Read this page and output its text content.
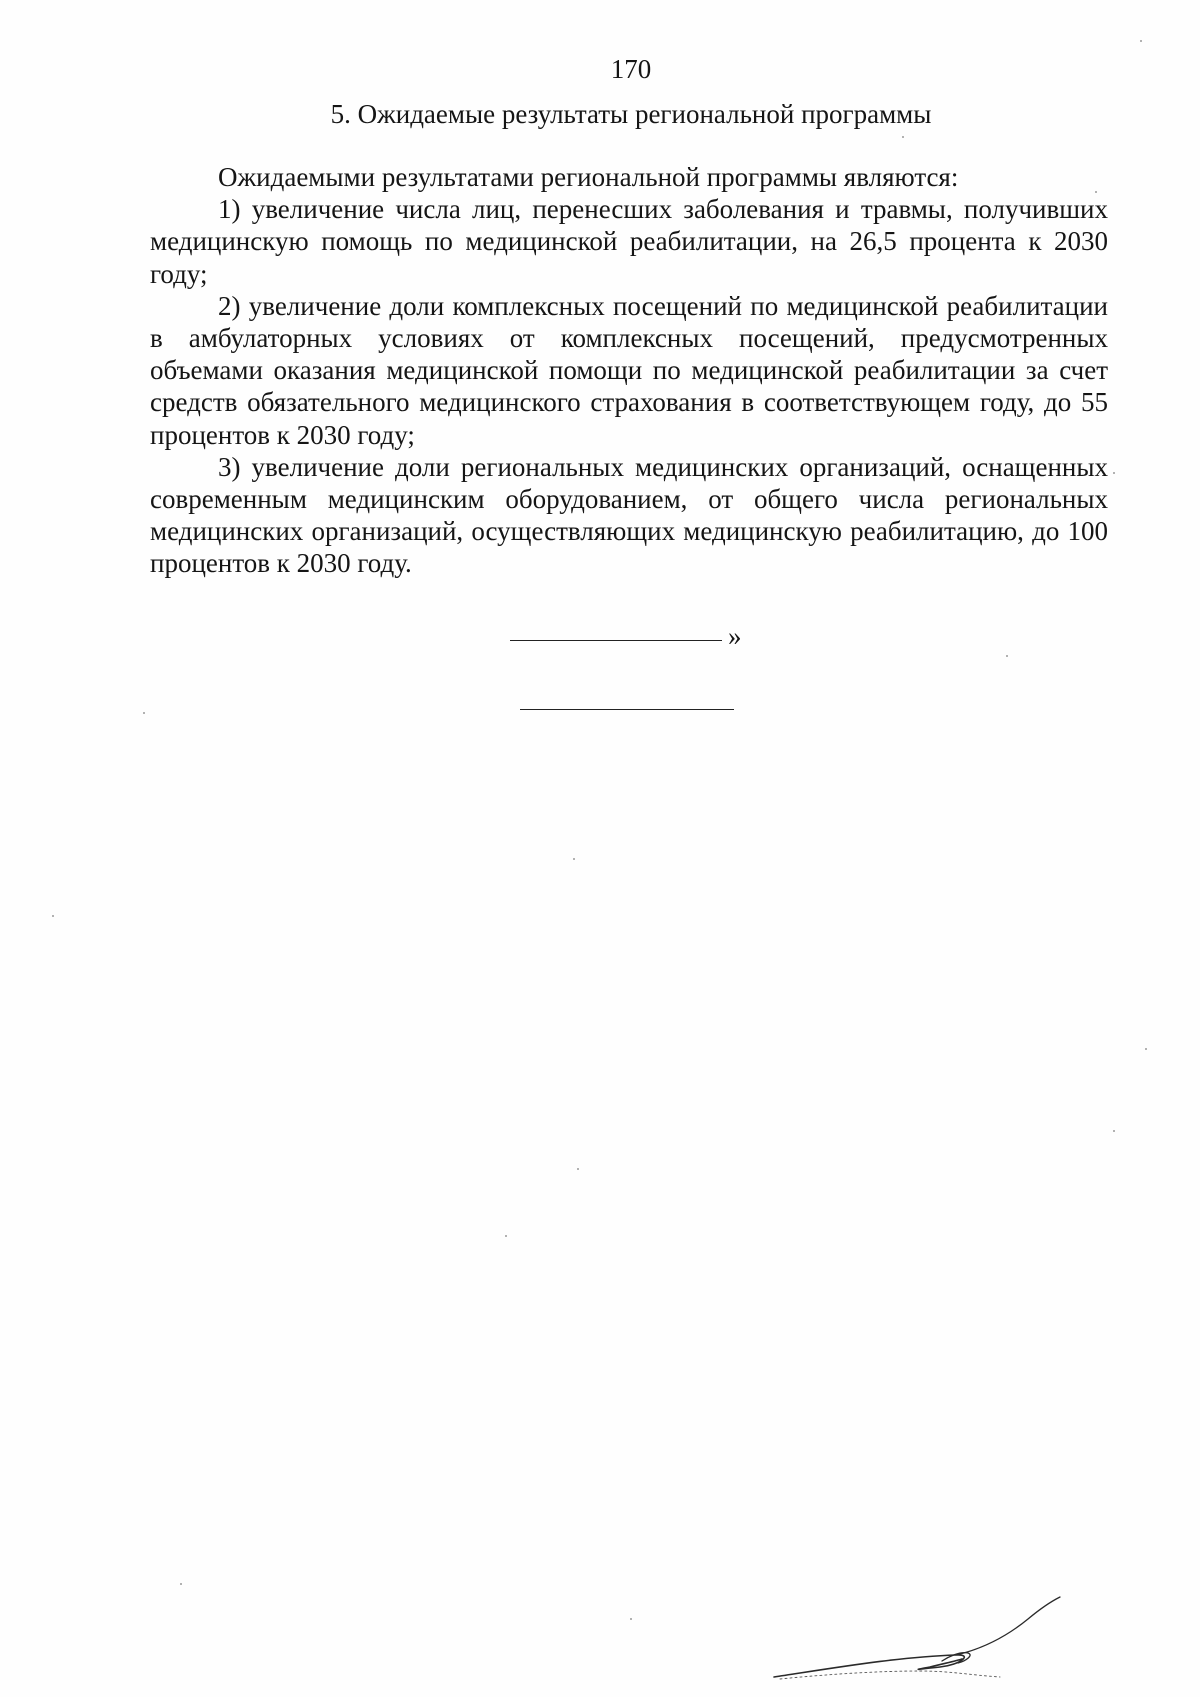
170
5. Ожидаемые результаты региональной программы

Ожидаемыми результатами региональной программы являются:

1) увеличение числа лиц, перенесших заболевания и травмы, получивших медицинскую помощь по медицинской реабилитации, на 26,5 процента к 2030 году;

2) увеличение доли комплексных посещений по медицинской реабилитации в амбулаторных условиях от комплексных посещений, предусмотренных объемами оказания медицинской помощи по медицинской реабилитации за счет средств обязательного медицинского страхования в соответствующем году, до 55 процентов к 2030 году;

3) увеличение доли региональных медицинских организаций, оснащенных современным медицинским оборудованием, от общего числа региональных медицинских организаций, осуществляющих медицинскую реабилитацию, до 100 процентов к 2030 году.

»
